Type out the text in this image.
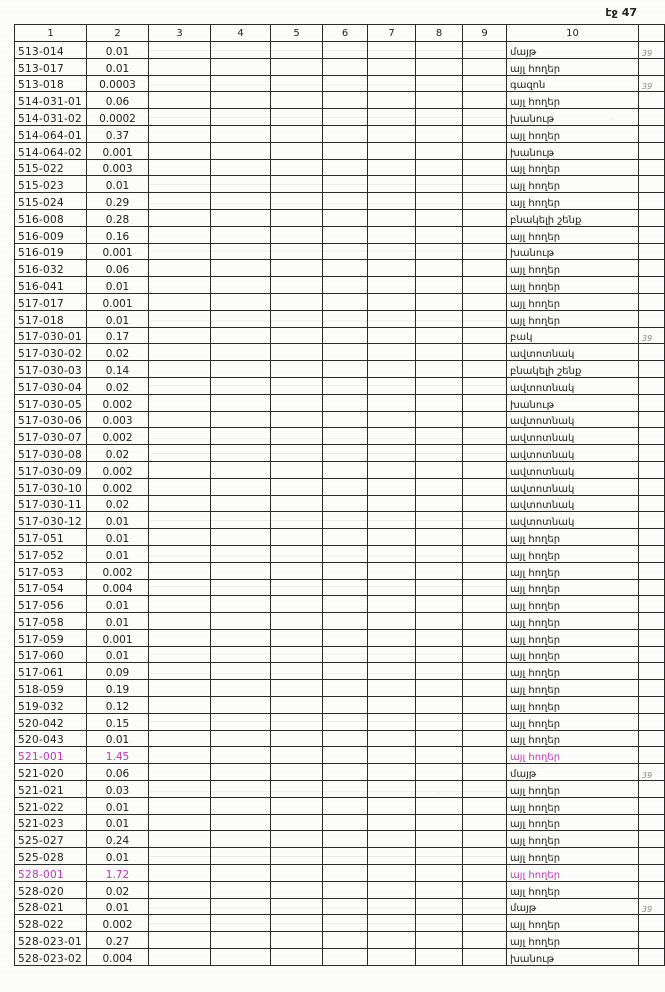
էջ 47
1	2	3	4	5	6	7	8	9	10	
513-014	0.01								մայթ	39
513-017	0.01								այլ հողեր	
513-018	0.0003								գազոն	39
514-031-01	0.06								այլ հողեր	
514-031-02	0.0002								խանութ	
514-064-01	0.37								այլ հողեր	
514-064-02	0.001								խանութ	
515-022	0.003								այլ հողեր	
515-023	0.01								այլ հողեր	
515-024	0.29								այլ հողեր	
516-008	0.28								բնակելի շենք	
516-009	0.16								այլ հողեր	
516-019	0.001								խանութ	
516-032	0.06								այլ հողեր	
516-041	0.01								այլ հողեր	
517-017	0.001								այլ հողեր	
517-018	0.01								այլ հողեր	
517-030-01	0.17								բակ	39
517-030-02	0.02								ավտոտնակ	
517-030-03	0.14								բնակելի շենք	
517-030-04	0.02								ավտոտնակ	
517-030-05	0.002								խանութ	
517-030-06	0.003								ավտոտնակ	
517-030-07	0.002								ավտոտնակ	
517-030-08	0.02								ավտոտնակ	
517-030-09	0.002								ավտոտնակ	
517-030-10	0.002								ավտոտնակ	
517-030-11	0.02								ավտոտնակ	
517-030-12	0.01								ավտոտնակ	
517-051	0.01								այլ հողեր	
517-052	0.01								այլ հողեր	
517-053	0.002								այլ հողեր	
517-054	0.004								այլ հողեր	
517-056	0.01								այլ հողեր	
517-058	0.01								այլ հողեր	
517-059	0.001								այլ հողեր	
517-060	0.01								այլ հողեր	
517-061	0.09								այլ հողեր	
518-059	0.19								այլ հողեր	
519-032	0.12								այլ հողեր	
520-042	0.15								այլ հողեր	
520-043	0.01								այլ հողեր	
521-001	1.45								այլ հողեր	
521-020	0.06								մայթ	39
521-021	0.03								այլ հողեր	
521-022	0.01								այլ հողեր	
521-023	0.01								այլ հողեր	
525-027	0.24								այլ հողեր	
525-028	0.01								այլ հողեր	
528-001	1.72								այլ հողեր	
528-020	0.02								այլ հողեր	
528-021	0.01								մայթ	39
528-022	0.002								այլ հողեր	
528-023-01	0.27								այլ հողեր	
528-023-02	0.004								խանութ	
